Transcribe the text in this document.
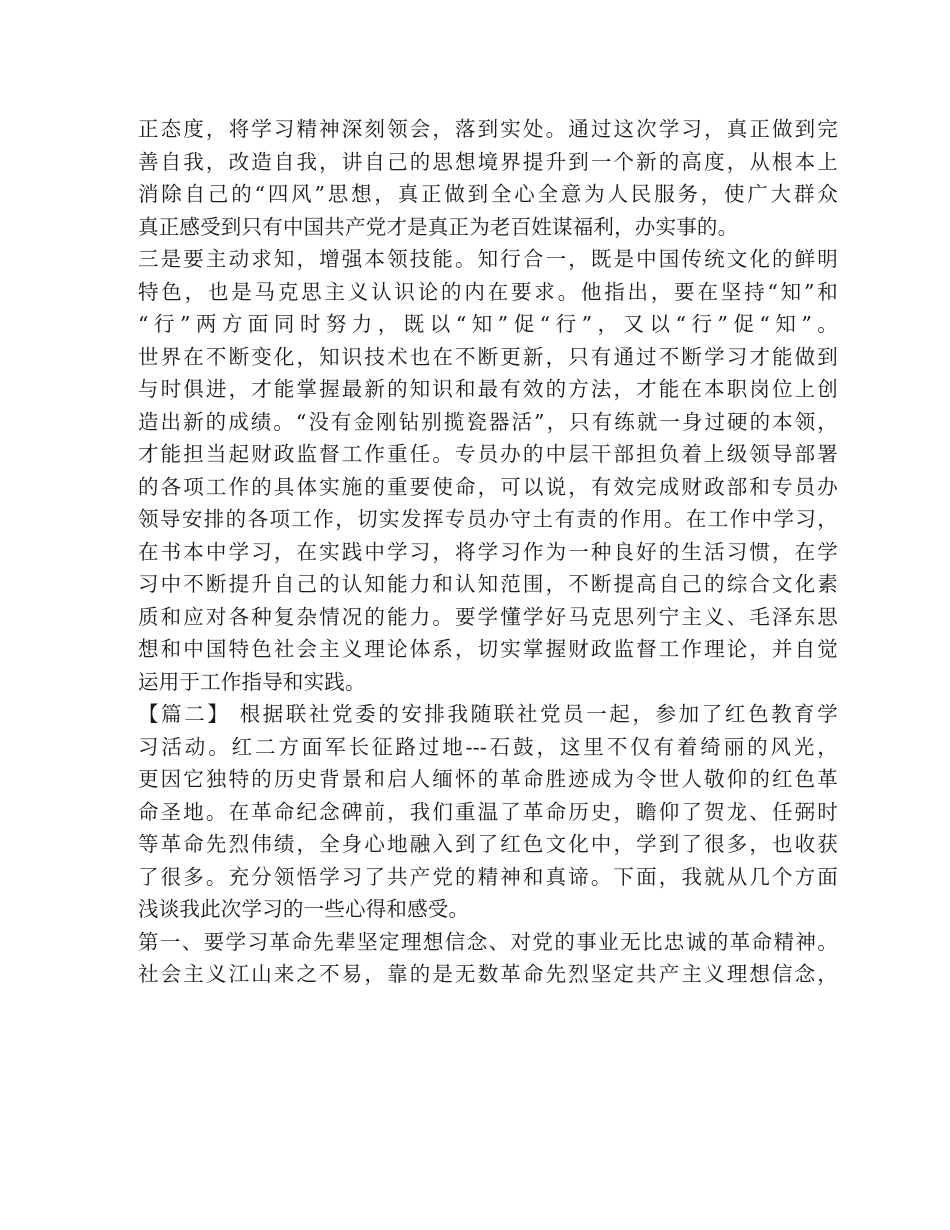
正态度，将学习精神深刻领会，落到实处。通过这次学习，真正做到完
善自我，改造自我，讲自己的思想境界提升到一个新的高度，从根本上
消除自己的“四风”思想，真正做到全心全意为人民服务，使广大群众
真正感受到只有中国共产党才是真正为老百姓谋福利，办实事的。
三是要主动求知，增强本领技能。知行合一，既是中国传统文化的鲜明
特色，也是马克思主义认识论的内在要求。他指出，要在坚持“知”和
“行”两方面同时努力，既以“知”促“行”，又以“行”促“知”。
世界在不断变化，知识技术也在不断更新，只有通过不断学习才能做到
与时俱进，才能掌握最新的知识和最有效的方法，才能在本职岗位上创
造出新的成绩。“没有金刚钻别揽瓷器活”，只有练就一身过硬的本领，
才能担当起财政监督工作重任。专员办的中层干部担负着上级领导部署
的各项工作的具体实施的重要使命，可以说，有效完成财政部和专员办
领导安排的各项工作，切实发挥专员办守土有责的作用。在工作中学习，
在书本中学习，在实践中学习，将学习作为一种良好的生活习惯，在学
习中不断提升自己的认知能力和认知范围，不断提高自己的综合文化素
质和应对各种复杂情况的能力。要学懂学好马克思列宁主义、毛泽东思
想和中国特色社会主义理论体系，切实掌握财政监督工作理论，并自觉
运用于工作指导和实践。
【篇二】 根据联社党委的安排我随联社党员一起，参加了红色教育学
习活动。红二方面军长征路过地---石鼓，这里不仅有着绮丽的风光，
更因它独特的历史背景和启人缅怀的革命胜迹成为令世人敬仰的红色革
命圣地。在革命纪念碑前，我们重温了革命历史，瞻仰了贺龙、任弼时
等革命先烈伟绩，全身心地融入到了红色文化中，学到了很多，也收获
了很多。充分领悟学习了共产党的精神和真谛。下面，我就从几个方面
浅谈我此次学习的一些心得和感受。
第一、要学习革命先辈坚定理想信念、对党的事业无比忠诚的革命精神。
社会主义江山来之不易，靠的是无数革命先烈坚定共产主义理想信念，
